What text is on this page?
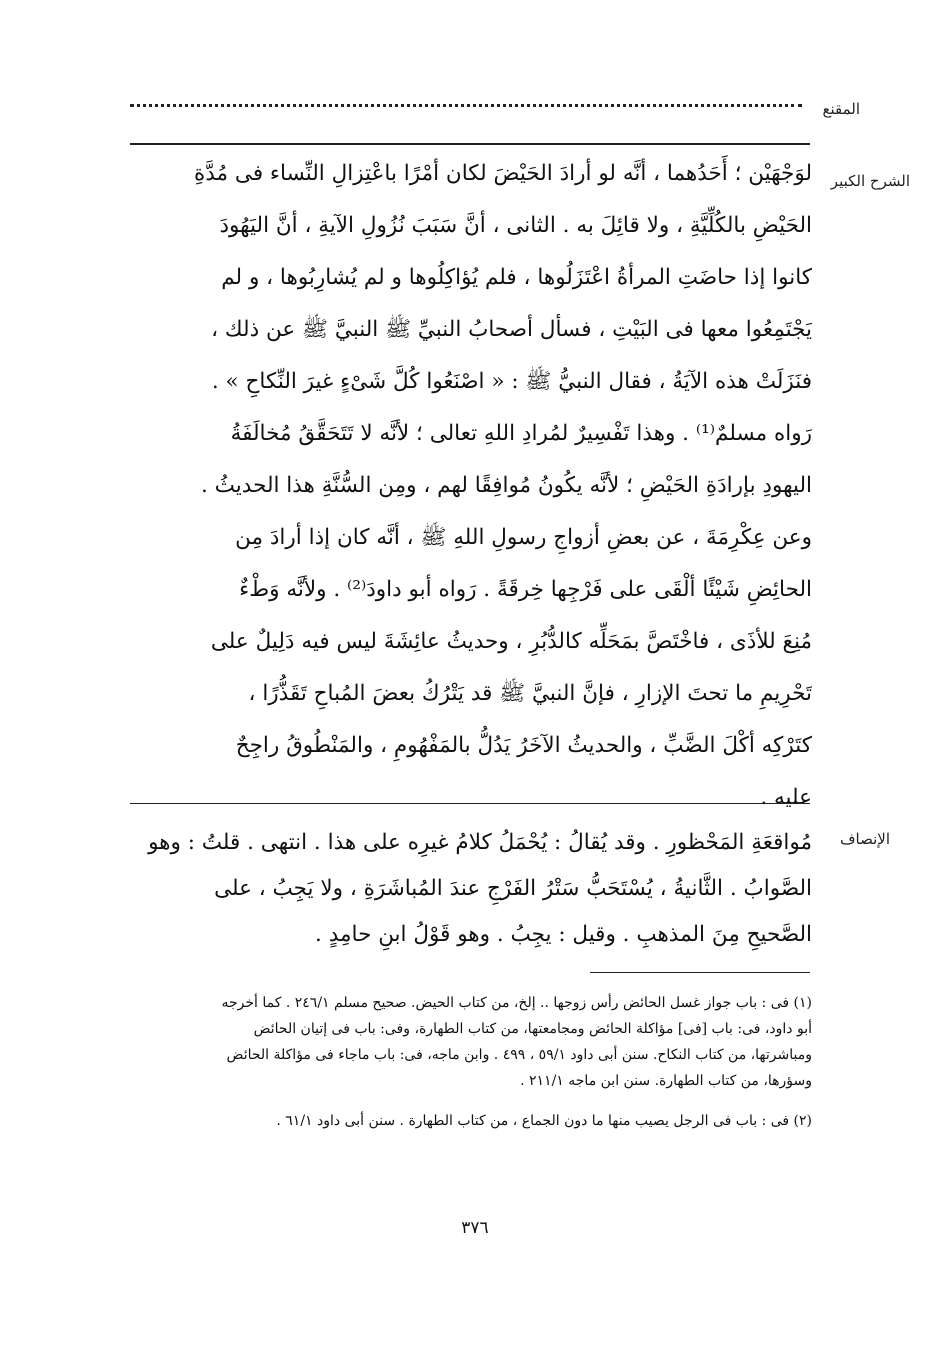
المقنع
الشرح الكبير
لوَجْهَيْن ؛ أَحَدُهما ، أنَّه لو أرادَ الحَيْضَ لكان أمْرًا باعْتِزالِ النِّساء فى مُدَّةِ
الحَيْضِ بالكُلِّيَّةِ ، ولا قائِلَ به . الثانى ، أنَّ سَبَبَ نُزُولِ الآيةِ ، أنَّ اليَهُودَ
كانوا إذا حاضَتِ المرأةُ اعْتَزَلُوها ، فلم يُؤاكِلُوها و لم يُشارِبُوها ، و لم
يَجْتَمِعُوا معها فى البَيْتِ ، فسأل أصحابُ النبيِّ ﷺ النبيَّ ﷺ عن ذلك ،
فنَزَلَتْ هذه الآيَةُ ، فقال النبيُّ ﷺ : « اصْنَعُوا كُلَّ شَىْءٍ غيرَ النِّكاحِ » .
رَواه مسلمٌ⁽¹⁾ . وهذا تَفْسِيرٌ لمُرادِ اللهِ تعالى ؛ لأنَّه لا تَتَحَقَّقُ مُخالَفَةُ
اليهودِ بإرادَةِ الحَيْضِ ؛ لأنَّه يكُونُ مُوافِقًا لهم ، ومِن السُّنَّةِ هذا الحديثُ .
وعن عِكْرِمَةَ ، عن بعضِ أزواجِ رسولِ اللهِ ﷺ ، أنَّه كان إذا أرادَ مِن
الحائِضِ شَيْئًا ألْقَى على فَرْجِها خِرقَةً . رَواه أبو داودَ⁽²⁾ . ولأنَّه وَطْءٌ
مُنِعَ للأذَى ، فاخْتَصَّ بمَحَلِّه كالدُّبُرِ ، وحديثُ عائِشَةَ ليس فيه دَلِيلٌ على
تَحْرِيمِ ما تحتَ الإزارِ ، فإنَّ النبيَّ ﷺ قد يَتْرُكُ بعضَ المُباحِ تَقَذُّرًا ،
كتَرْكِه أكْلَ الضَّبِّ ، والحديثُ الآخَرُ يَدُلُّ بالمَفْهُومِ ، والمَنْطُوقُ راجِحٌ
عليه .
الإنصاف
مُواقعَةِ المَحْظورِ . وقد يُقالُ : يُحْمَلُ كلامُ غيرِه على هذا . انتهى . قلتُ : وهو
الصَّوابُ . الثَّانيةُ ، يُسْتَحَبُّ سَتْرُ الفَرْجِ عندَ المُباشَرَةِ ، ولا يَجِبُ ، على
الصَّحيحِ مِنَ المذهبِ . وقيل : يجِبُ . وهو قَوْلُ ابنِ حامِدٍ .
(١) فى : باب جواز غسل الحائض رأس زوجها .. إلخ، من كتاب الحيض. صحيح مسلم ٢٤٦/١ . كما أخرجه
أبو داود، فى: باب [فى] مؤاكلة الحائض ومجامعتها، من كتاب الطهارة، وفى: باب فى إتيان الحائض
ومباشرتها، من كتاب النكاح. سنن أبى داود ٥٩/١ ، ٤٩٩ . وابن ماجه، فى: باب ماجاء فى مؤاكلة الحائض
وسؤرها، من كتاب الطهارة. سنن ابن ماجه ٢١١/١ .
(٢) فى : باب فى الرجل يصيب منها ما دون الجماع ، من كتاب الطهارة . سنن أبى داود ٦١/١ .
٣٧٦
